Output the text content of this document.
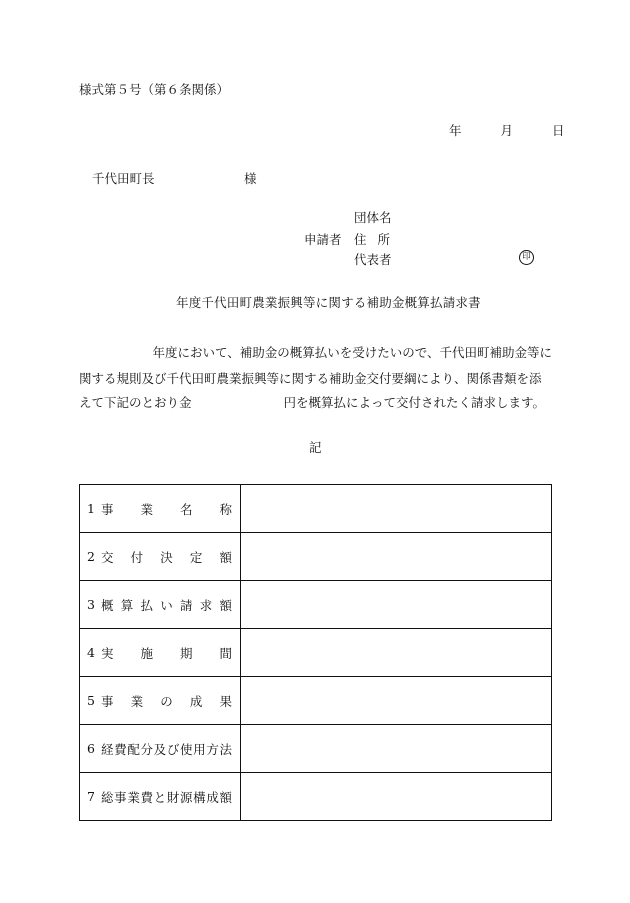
様式第５号（第６条関係）
年	月	日
千代田町長	様
団体名
申請者 住所
代表者	印
年度千代田町農業振興等に関する補助金概算払請求書
年度において、補助金の概算払いを受けたいので、千代田町補助金等に
関する規則及び千代田町農業振興等に関する補助金交付要綱により、関係書類を添
えて下記のとおり金	円を概算払によって交付されたく請求します。
記
1 事業名称	

2 交付決定額	

3 概算払い請求額	

4 実施期間	

5 事業の成果	

6 経費配分及び使用方法	

7 総事業費と財源構成額	
